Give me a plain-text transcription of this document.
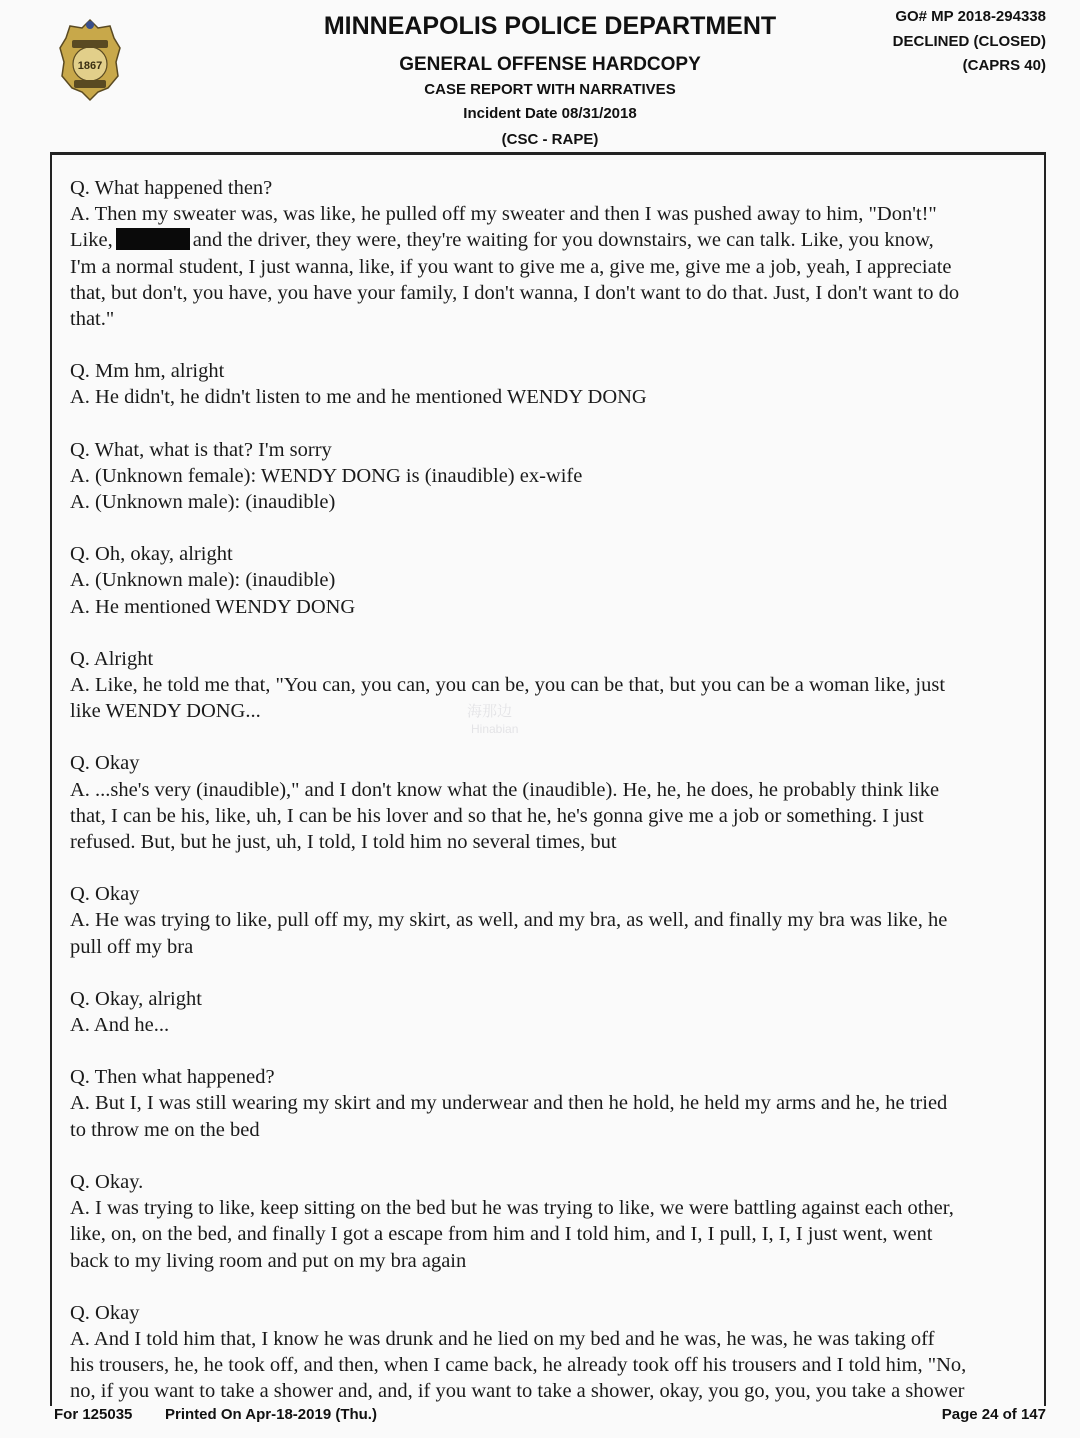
1867
MINNEAPOLIS POLICE DEPARTMENT
GENERAL OFFENSE HARDCOPY
CASE REPORT WITH NARRATIVES
Incident Date 08/31/2018
(CSC - RAPE)
GO# MP 2018-294338
DECLINED (CLOSED)
(CAPRS 40)
Q. What happened then?
A. Then my sweater was, was like, he pulled off my sweater and then I was pushed away to him, "Don't!"
Like,	and the driver, they were, they're waiting for you downstairs, we can talk. Like, you know,
I'm a normal student, I just wanna, like, if you want to give me a, give me, give me a job, yeah, I appreciate
that, but don't, you have, you have your family, I don't wanna, I don't want to do that. Just, I don't want to do
that."
Q. Mm hm, alright
A. He didn't, he didn't listen to me and he mentioned WENDY DONG
Q. What, what is that? I'm sorry
A. (Unknown female): WENDY DONG is (inaudible) ex-wife
A. (Unknown male): (inaudible)
Q. Oh, okay, alright
A. (Unknown male): (inaudible)
A. He mentioned WENDY DONG
Q. Alright
A. Like, he told me that, "You can, you can, you can be, you can be that, but you can be a woman like, just
like WENDY DONG...
Q. Okay
A. ...she's very (inaudible)," and I don't know what the (inaudible). He, he, he does, he probably think like
that, I can be his, like, uh, I can be his lover and so that he, he's gonna give me a job or something. I just
refused. But, but he just, uh, I told, I told him no several times, but
Q. Okay
A. He was trying to like, pull off my, my skirt, as well, and my bra, as well, and finally my bra was like, he
pull off my bra
Q. Okay, alright
A. And he...
Q. Then what happened?
A. But I, I was still wearing my skirt and my underwear and then he hold, he held my arms and he, he tried
to throw me on the bed
Q. Okay.
A. I was trying to like, keep sitting on the bed but he was trying to like, we were battling against each other,
like, on, on the bed, and finally I got a escape from him and I told him, and I, I pull, I, I, I just went, went
back to my living room and put on my bra again
Q. Okay
A. And I told him that, I know he was drunk and he lied on my bed and he was, he was, he was taking off
his trousers, he, he took off, and then, when I came back, he already took off his trousers and I told him, "No,
no, if you want to take a shower and, and, if you want to take a shower, okay, you go, you, you take a shower
海那边
Hinabian
For 125035 Printed On Apr-18-2019 (Thu.)	Page 24 of 147
